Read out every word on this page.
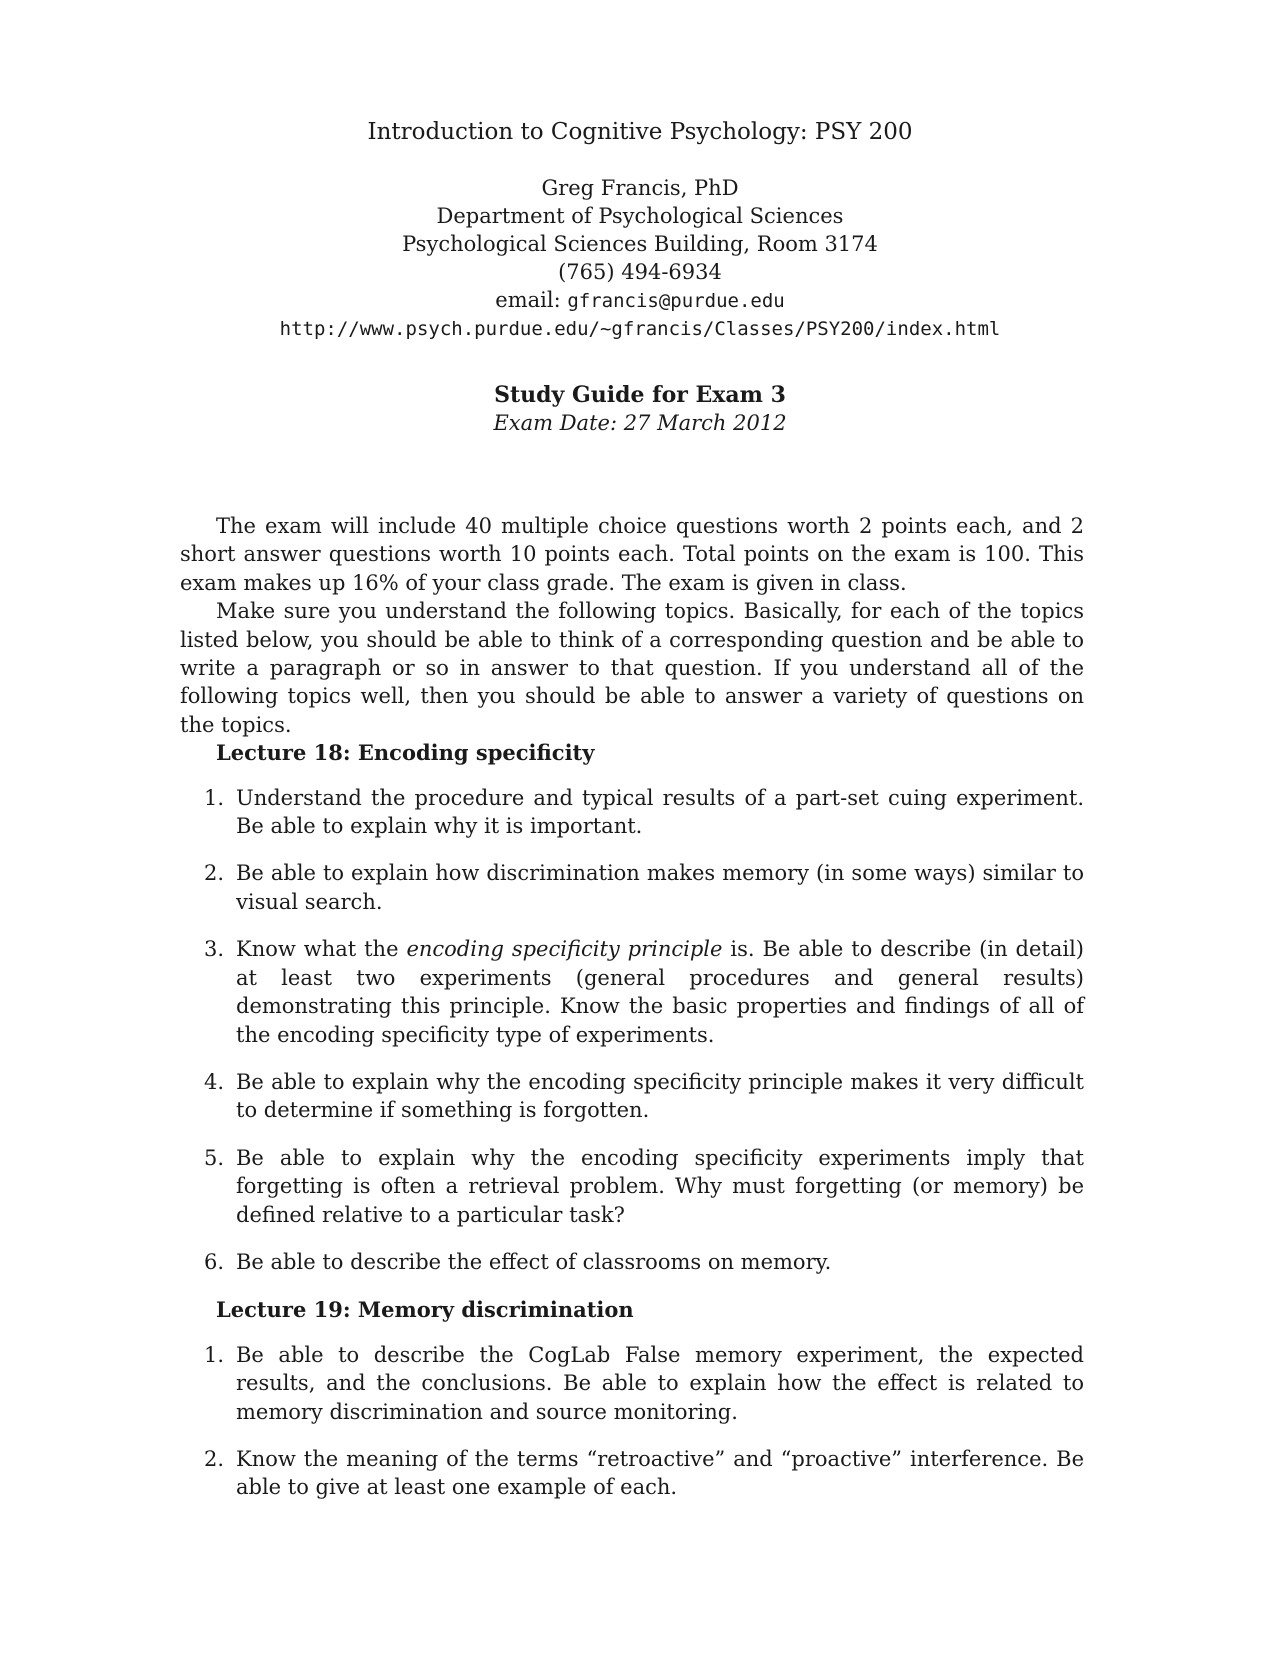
Introduction to Cognitive Psychology: PSY 200
Greg Francis, PhD
Department of Psychological Sciences
Psychological Sciences Building, Room 3174
(765) 494-6934
email: gfrancis@purdue.edu
http://www.psych.purdue.edu/~gfrancis/Classes/PSY200/index.html
Study Guide for Exam 3
Exam Date: 27 March 2012

The exam will include 40 multiple choice questions worth 2 points each, and 2 short answer questions worth 10 points each. Total points on the exam is 100. This exam makes up 16% of your class grade. The exam is given in class.

Make sure you understand the following topics. Basically, for each of the topics listed below, you should be able to think of a corresponding question and be able to write a paragraph or so in answer to that question. If you understand all of the following topics well, then you should be able to answer a variety of questions on the topics.

Lecture 18: Encoding specificity
1. Understand the procedure and typical results of a part-set cuing experiment. Be able to explain why it is important.
2. Be able to explain how discrimination makes memory (in some ways) similar to visual search.
3. Know what the encoding specificity principle is. Be able to describe (in detail) at least two experiments (general procedures and general results) demonstrating this principle. Know the basic properties and findings of all of the encoding specificity type of experiments.
4. Be able to explain why the encoding specificity principle makes it very difficult to determine if something is forgotten.
5. Be able to explain why the encoding specificity experiments imply that forgetting is often a retrieval problem. Why must forgetting (or memory) be defined relative to a particular task?
6. Be able to describe the effect of classrooms on memory.
Lecture 19: Memory discrimination
1. Be able to describe the CogLab False memory experiment, the expected results, and the conclusions. Be able to explain how the effect is related to memory discrimination and source monitoring.
2. Know the meaning of the terms “retroactive” and “proactive” interference. Be able to give at least one example of each.
